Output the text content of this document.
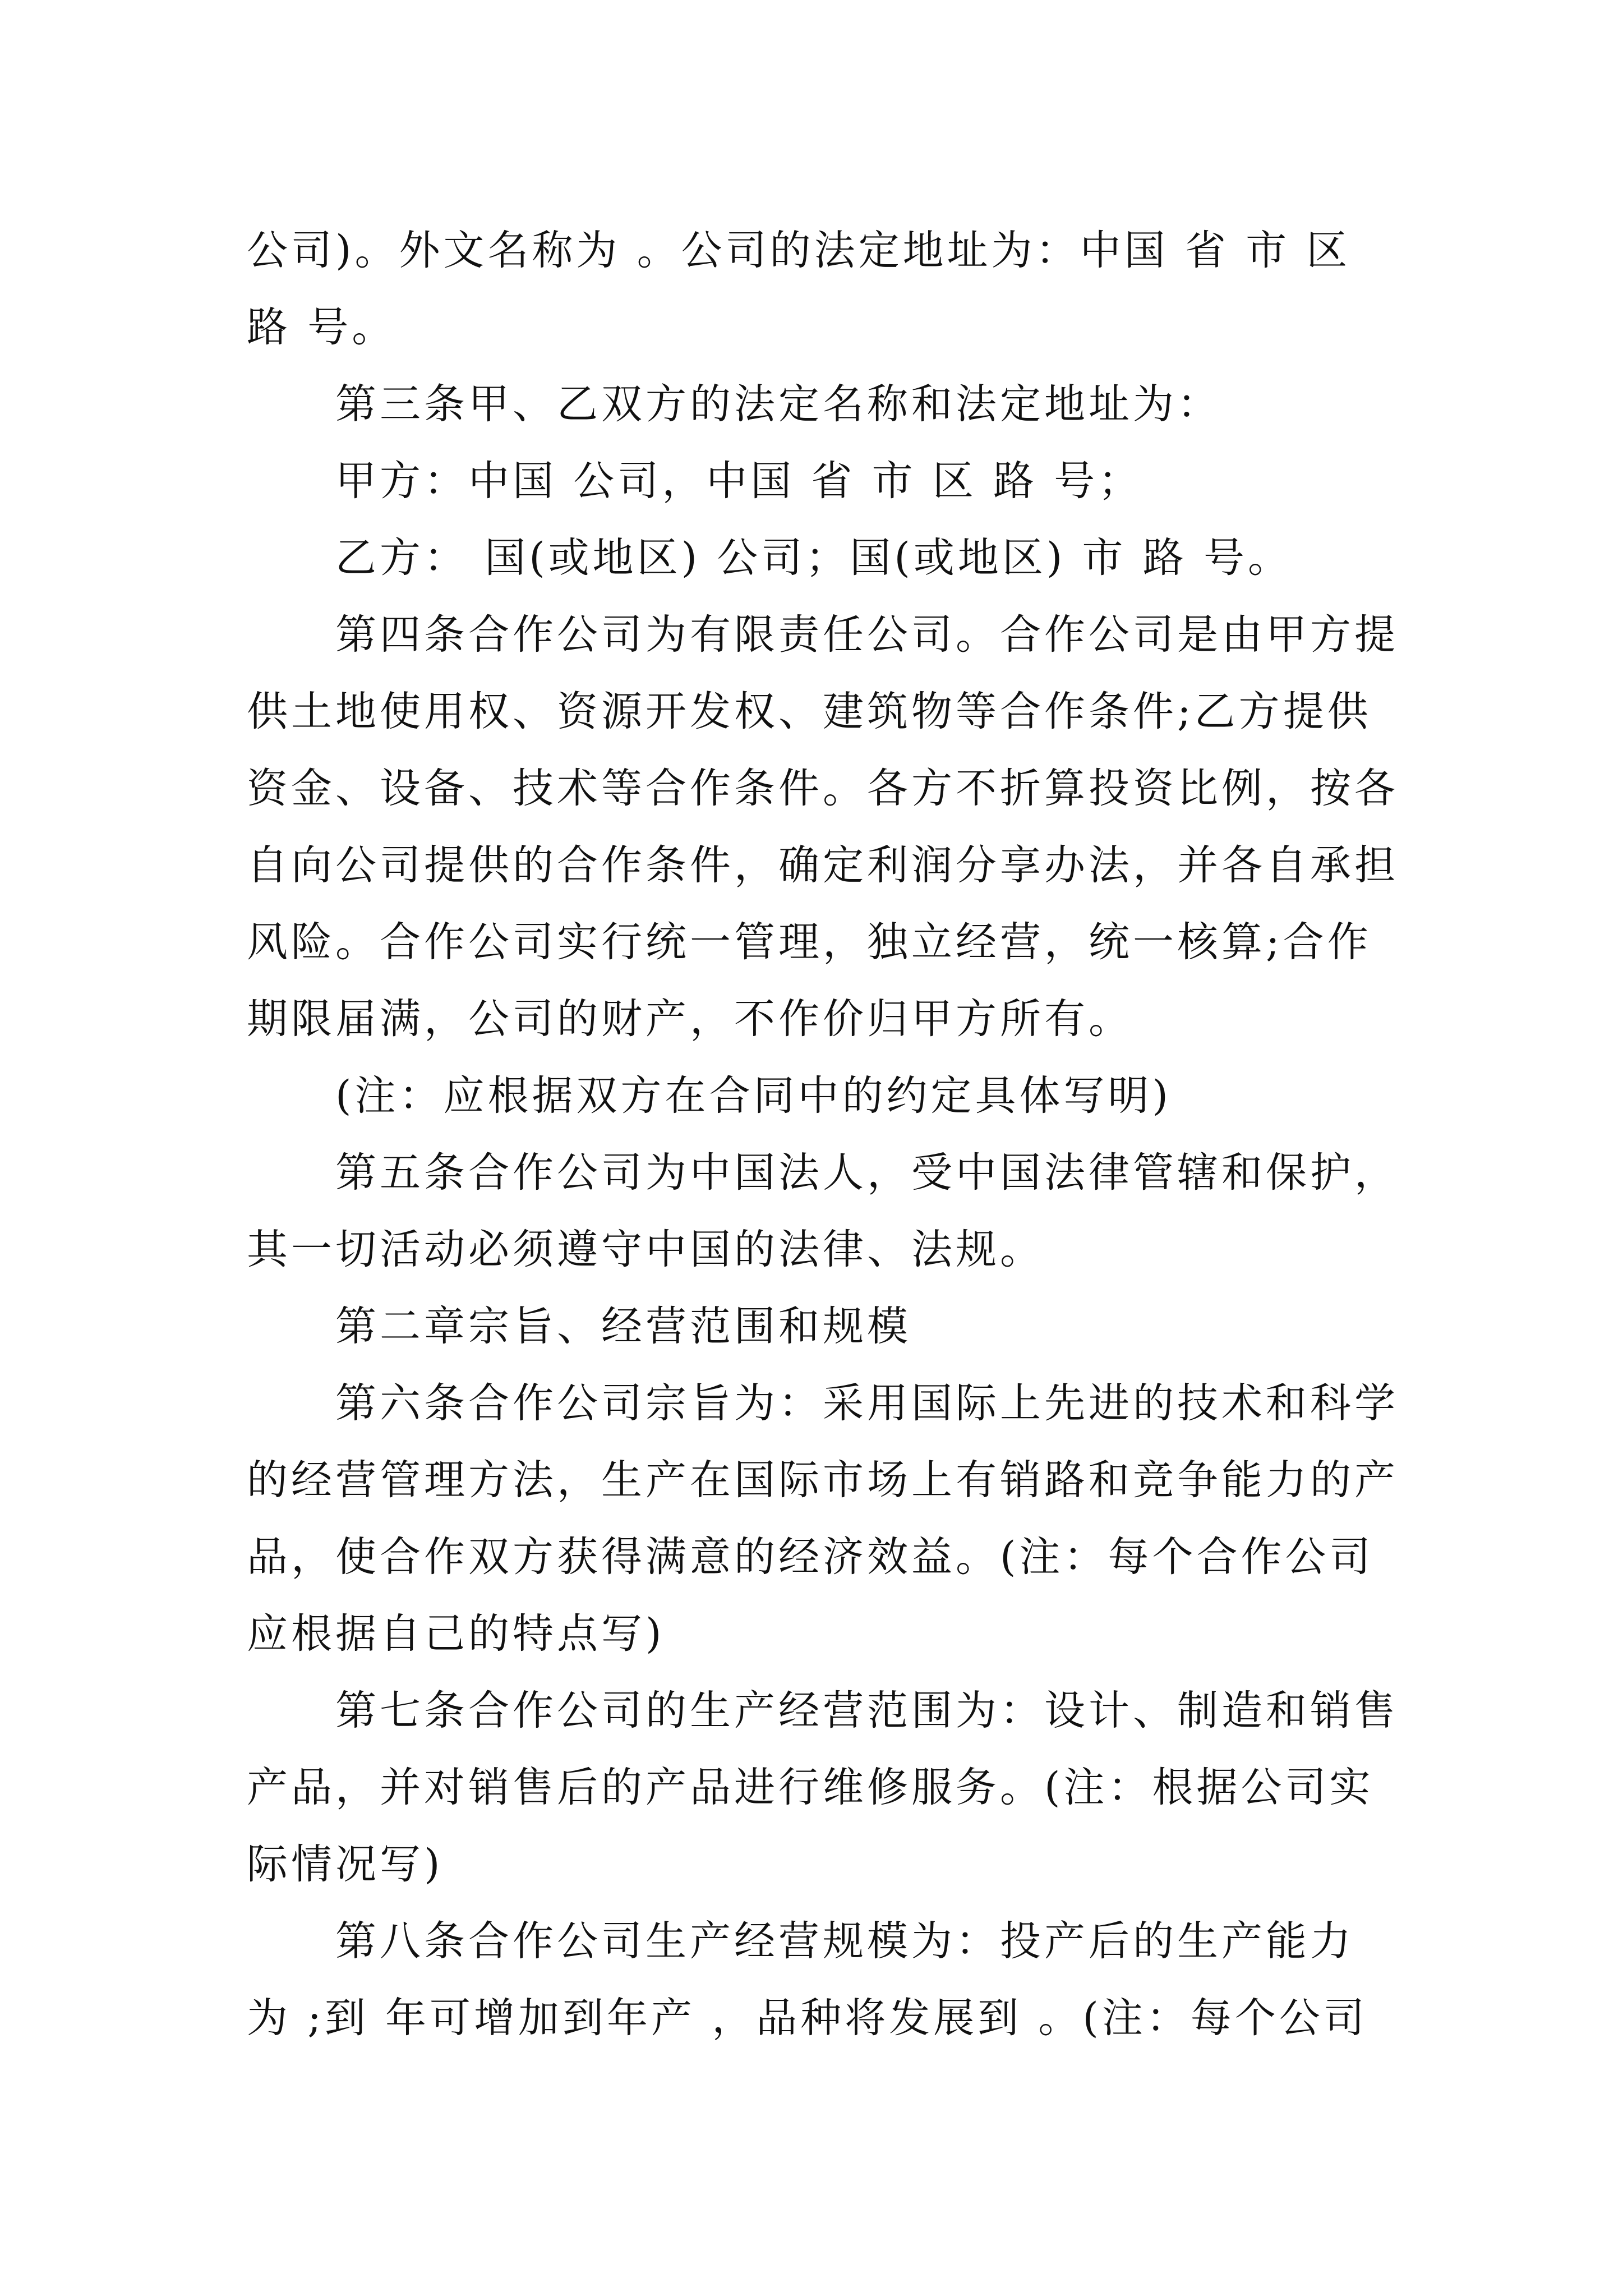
公司)。外文名称为 。公司的法定地址为：中国 省 市 区
路 号。
第三条甲、乙双方的法定名称和法定地址为：
甲方：中国 公司，中国 省 市 区 路 号；
乙方： 国(或地区) 公司；国(或地区) 市 路 号。
第四条合作公司为有限责任公司。合作公司是由甲方提
供土地使用权、资源开发权、建筑物等合作条件;乙方提供
资金、设备、技术等合作条件。各方不折算投资比例，按各
自向公司提供的合作条件，确定利润分享办法，并各自承担
风险。合作公司实行统一管理，独立经营，统一核算;合作
期限届满，公司的财产，不作价归甲方所有。
(注：应根据双方在合同中的约定具体写明)
第五条合作公司为中国法人，受中国法律管辖和保护，
其一切活动必须遵守中国的法律、法规。
第二章宗旨、经营范围和规模
第六条合作公司宗旨为：采用国际上先进的技术和科学
的经营管理方法，生产在国际市场上有销路和竞争能力的产
品，使合作双方获得满意的经济效益。(注：每个合作公司
应根据自己的特点写)
第七条合作公司的生产经营范围为：设计、制造和销售
产品，并对销售后的产品进行维修服务。(注：根据公司实
际情况写)
第八条合作公司生产经营规模为：投产后的生产能力
为 ;到 年可增加到年产 ，品种将发展到 。(注：每个公司
